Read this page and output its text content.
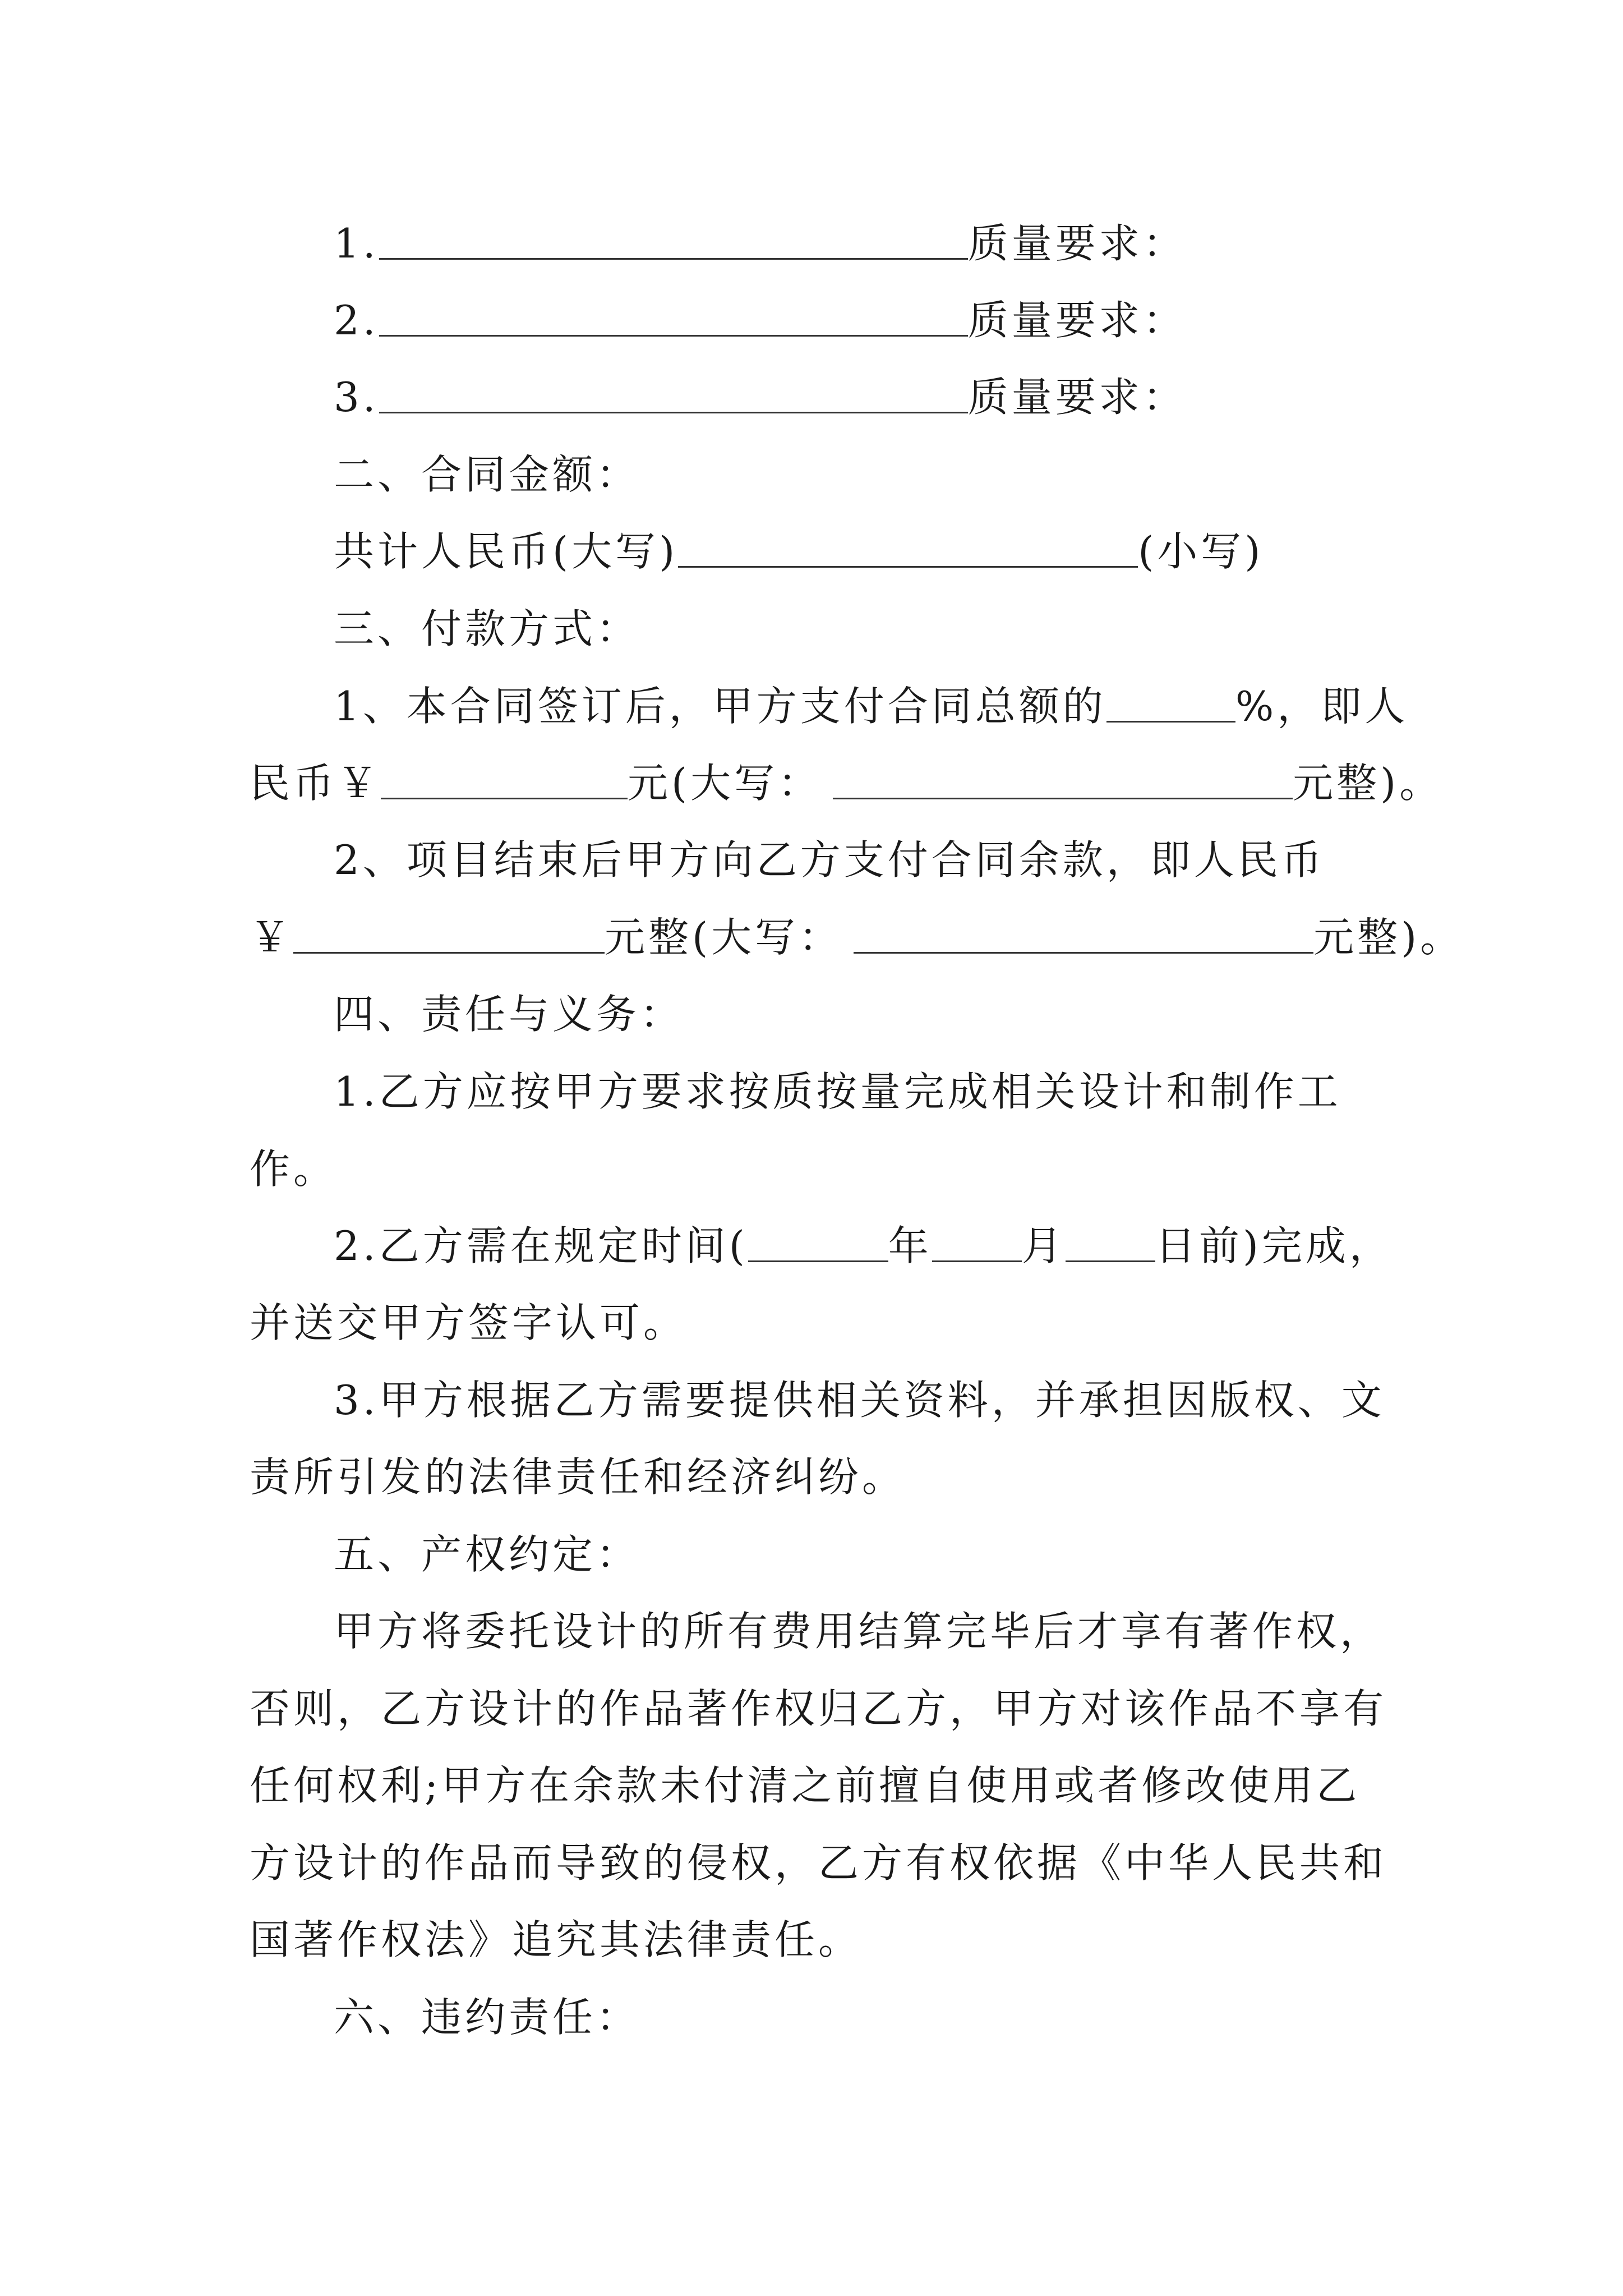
1.	质量要求：
2.	质量要求：
3.	质量要求：
二、合同金额：
共计人民币(大写)	(小写)
三、付款方式：
1、本合同签订后，甲方支付合同总额的	%，即人
民币￥	元(大写：	元整)。
2、项目结束后甲方向乙方支付合同余款，即人民币
￥	元整(大写：	元整)。
四、责任与义务：
1.乙方应按甲方要求按质按量完成相关设计和制作工
作。
2.乙方需在规定时间(	年 月 日前)完成，
并送交甲方签字认可。
3.甲方根据乙方需要提供相关资料，并承担因版权、文
责所引发的法律责任和经济纠纷。
五、产权约定：
甲方将委托设计的所有费用结算完毕后才享有著作权，
否则，乙方设计的作品著作权归乙方，甲方对该作品不享有
任何权利;甲方在余款未付清之前擅自使用或者修改使用乙
方设计的作品而导致的侵权，乙方有权依据《中华人民共和
国著作权法》追究其法律责任。
六、违约责任：
